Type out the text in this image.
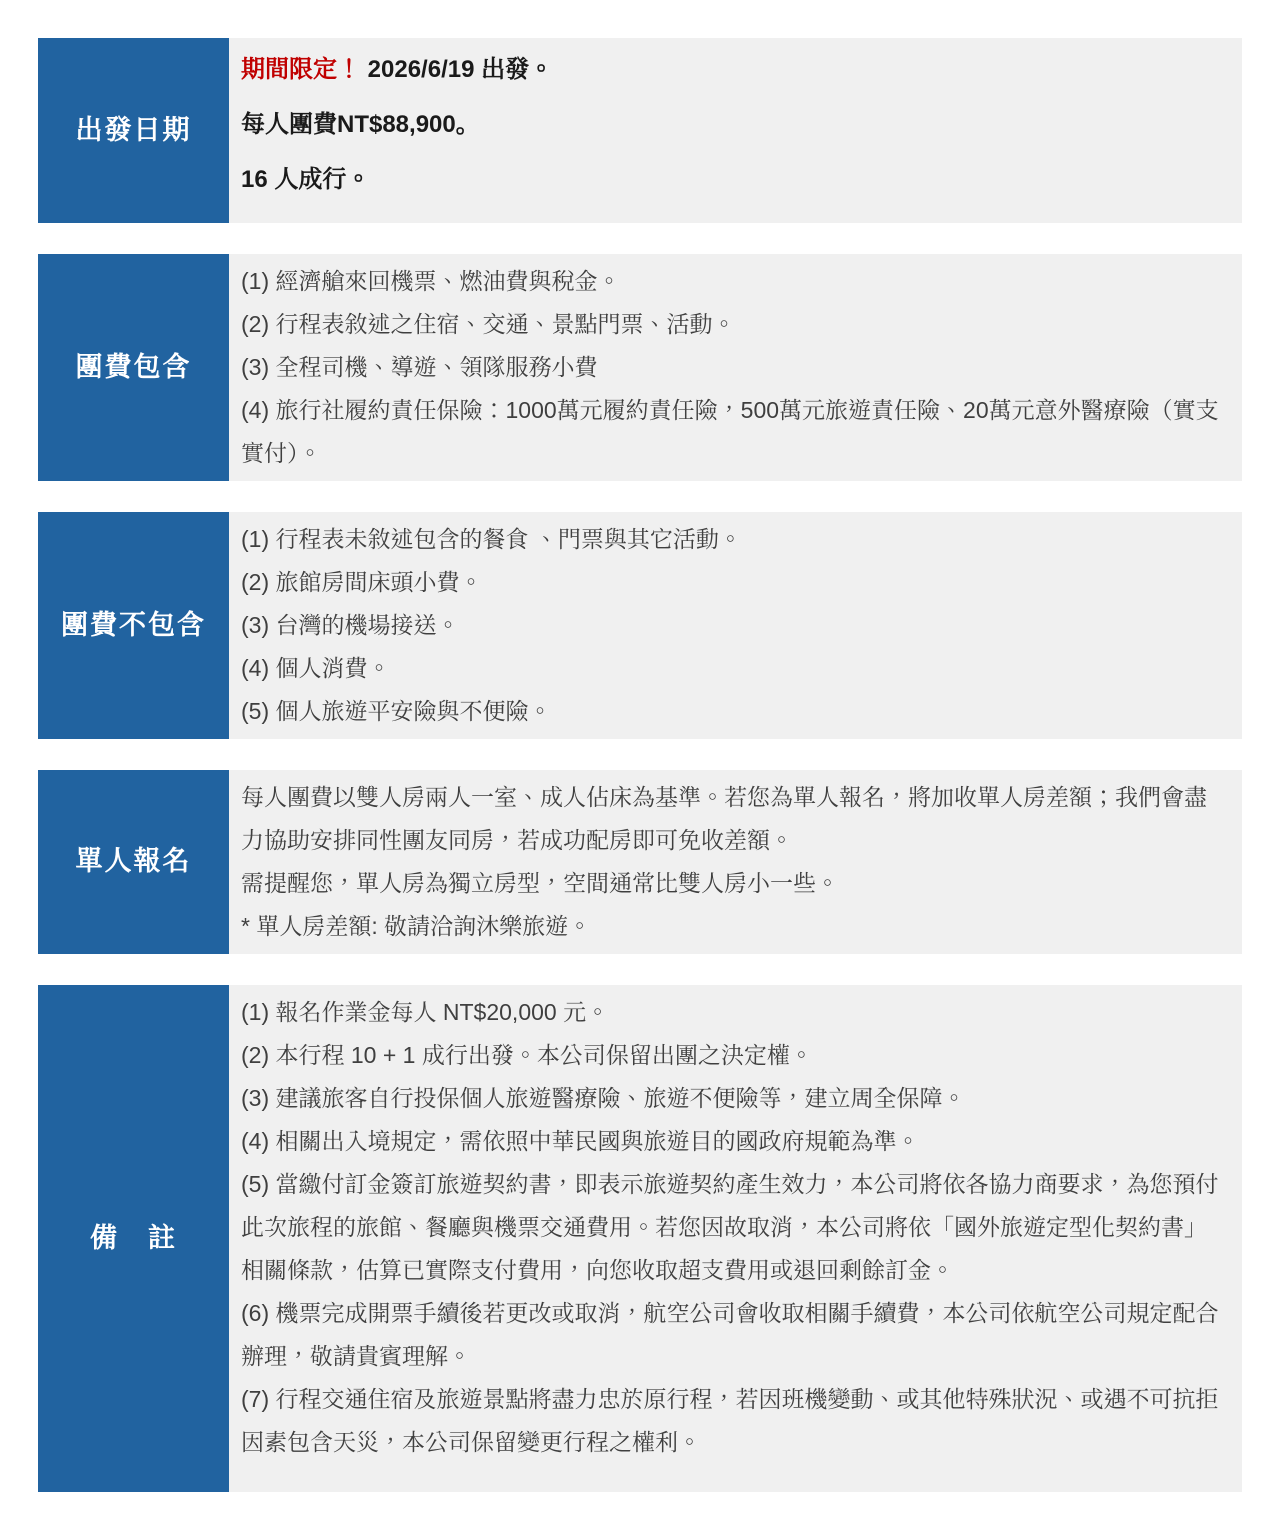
出發日期
期間限定！ 2026/6/19 出發。
每人團費NT$88,900。
16 人成行。
團費包含
(1) 經濟艙來回機票、燃油費與稅金。
(2) 行程表敘述之住宿、交通、景點門票、活動。
(3) 全程司機、導遊、領隊服務小費
(4) 旅行社履約責任保險：1000萬元履約責任險，500萬元旅遊責任險、20萬元意外醫療險（實支實付）。
團費不包含
(1) 行程表未敘述包含的餐食 、門票與其它活動。
(2) 旅館房間床頭小費。
(3) 台灣的機場接送。
(4) 個人消費。
(5) 個人旅遊平安險與不便險。
單人報名
每人團費以雙人房兩人一室、成人佔床為基準。若您為單人報名，將加收單人房差額；我們會盡力協助安排同性團友同房，若成功配房即可免收差額。
需提醒您，單人房為獨立房型，空間通常比雙人房小一些。
* 單人房差額: 敬請洽詢沐樂旅遊。
備　註
(1) 報名作業金每人 NT$20,000 元。
(2) 本行程 10 + 1 成行出發。本公司保留出團之決定權。
(3) 建議旅客自行投保個人旅遊醫療險、旅遊不便險等，建立周全保障。
(4) 相關出入境規定，需依照中華民國與旅遊目的國政府規範為準。
(5) 當繳付訂金簽訂旅遊契約書，即表示旅遊契約產生效力，本公司將依各協力商要求，為您預付此次旅程的旅館、餐廳與機票交通費用。若您因故取消，本公司將依「國外旅遊定型化契約書」相關條款，估算已實際支付費用，向您收取超支費用或退回剩餘訂金。
(6) 機票完成開票手續後若更改或取消，航空公司會收取相關手續費，本公司依航空公司規定配合辦理，敬請貴賓理解。
(7) 行程交通住宿及旅遊景點將盡力忠於原行程，若因班機變動、或其他特殊狀況、或遇不可抗拒因素包含天災，本公司保留變更行程之權利。
